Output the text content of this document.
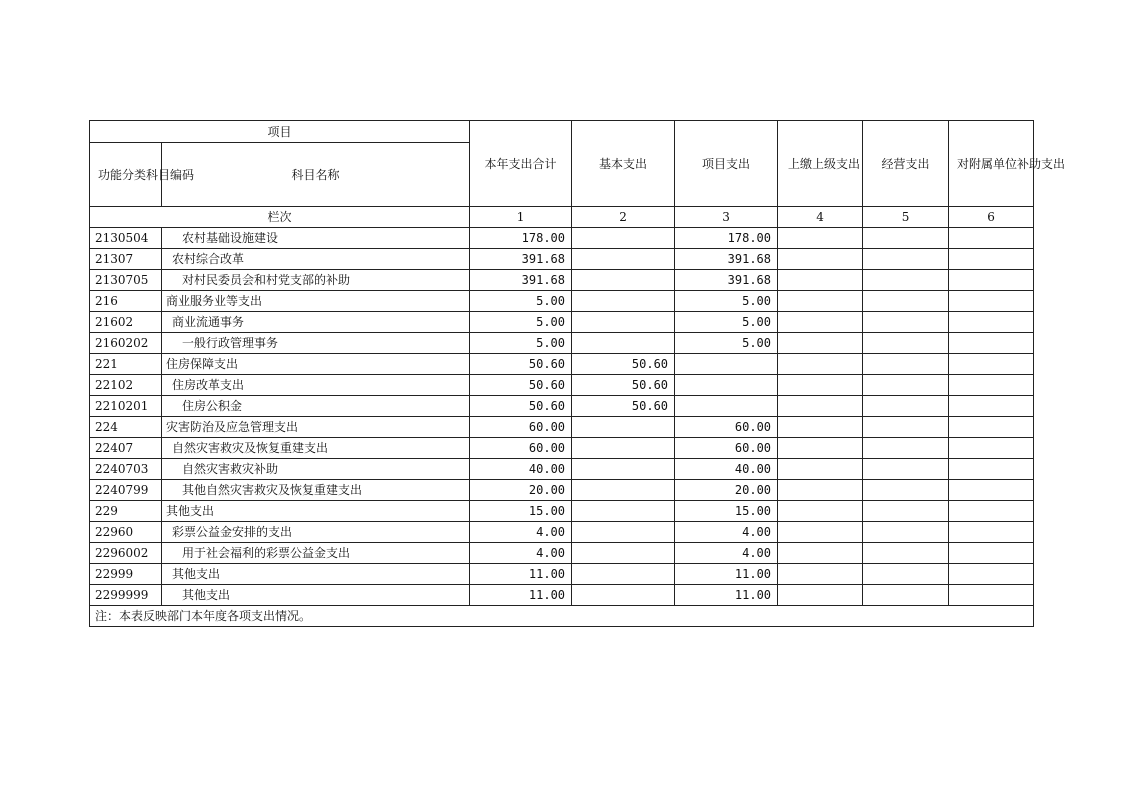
项目		本年支出合计	基本支出	项目支出	上缴上级支出	经营支出	对附属单位补助支出
功能分类科目编码	科目名称						
栏次		1	2	3	4	5	6
2130504	农村基础设施建设	178.00		178.00			
21307	农村综合改革	391.68		391.68			
2130705	对村民委员会和村党支部的补助	391.68		391.68			
216	商业服务业等支出	5.00		5.00			
21602	商业流通事务	5.00		5.00			
2160202	一般行政管理事务	5.00		5.00			
221	住房保障支出	50.60	50.60				
22102	住房改革支出	50.60	50.60				
2210201	住房公积金	50.60	50.60				
224	灾害防治及应急管理支出	60.00		60.00			
22407	自然灾害救灾及恢复重建支出	60.00		60.00			
2240703	自然灾害救灾补助	40.00		40.00			
2240799	其他自然灾害救灾及恢复重建支出	20.00		20.00			
229	其他支出	15.00		15.00			
22960	彩票公益金安排的支出	4.00		4.00			
2296002	用于社会福利的彩票公益金支出	4.00		4.00			
22999	其他支出	11.00		11.00			
2299999	其他支出	11.00		11.00			
注：本表反映部门本年度各项支出情况。							
